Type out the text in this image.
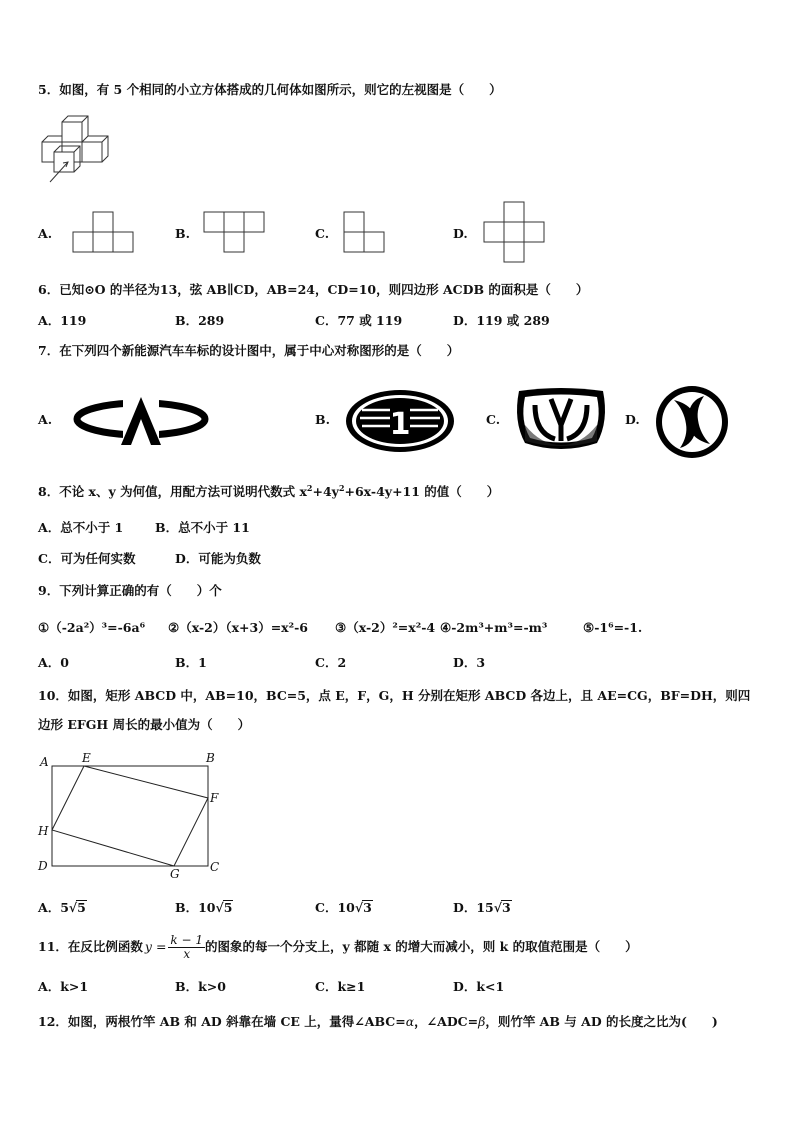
5．如图，有 5 个相同的小立方体搭成的几何体如图所示，则它的左视图是（　　）
A.	B.	C.	D.
6．已知⊙O 的半径为13，弦 AB∥CD，AB=24，CD=10，则四边形 ACDB 的面积是（　　）
A．119	B．289	C．77 或 119	D．119 或 289
7．在下列四个新能源汽车车标的设计图中，属于中心对称图形的是（　　）
A.	B. 1	C.	D.
8．不论 x、y 为何值，用配方法可说明代数式 $x^2+4y^2+6x-4y+11$ 的值（　　）
A．总不小于 1	B．总不小于 11
C．可为任何实数	D．可能为负数
9．下列计算正确的有（　　）个
①（-2a²）³=-6a⁶ ②（x-2）（x+3）=x²-6 ③（x-2）²=x²-4 ④-2m³+m³=-m³	⑤-1⁶=-1.
A．0	B．1	C．2	D．3
10．如图，矩形 ABCD 中，AB=10，BC=5，点 E，F，G，H 分别在矩形 ABCD 各边上，且 AE=CG，BF=DH，则四
边形 EFGH 周长的最小值为（　　）
A	E	B
F
H
D	C
G
A．5√5	B．10√5	C．10√3	D．15√3
11．在反比例函数 $y = \frac{k - 1}{x}$ 的图象的每一个分支上，y 都随 x 的增大而减小，则 k 的取值范围是（　　）
A．k>1	B．k>0	C．k≥1	D．k<1
12．如图，两根竹竿 AB 和 AD 斜靠在墙 CE 上，量得∠ABC=α，∠ADC=β，则竹竿 AB 与 AD 的长度之比为(　　)
